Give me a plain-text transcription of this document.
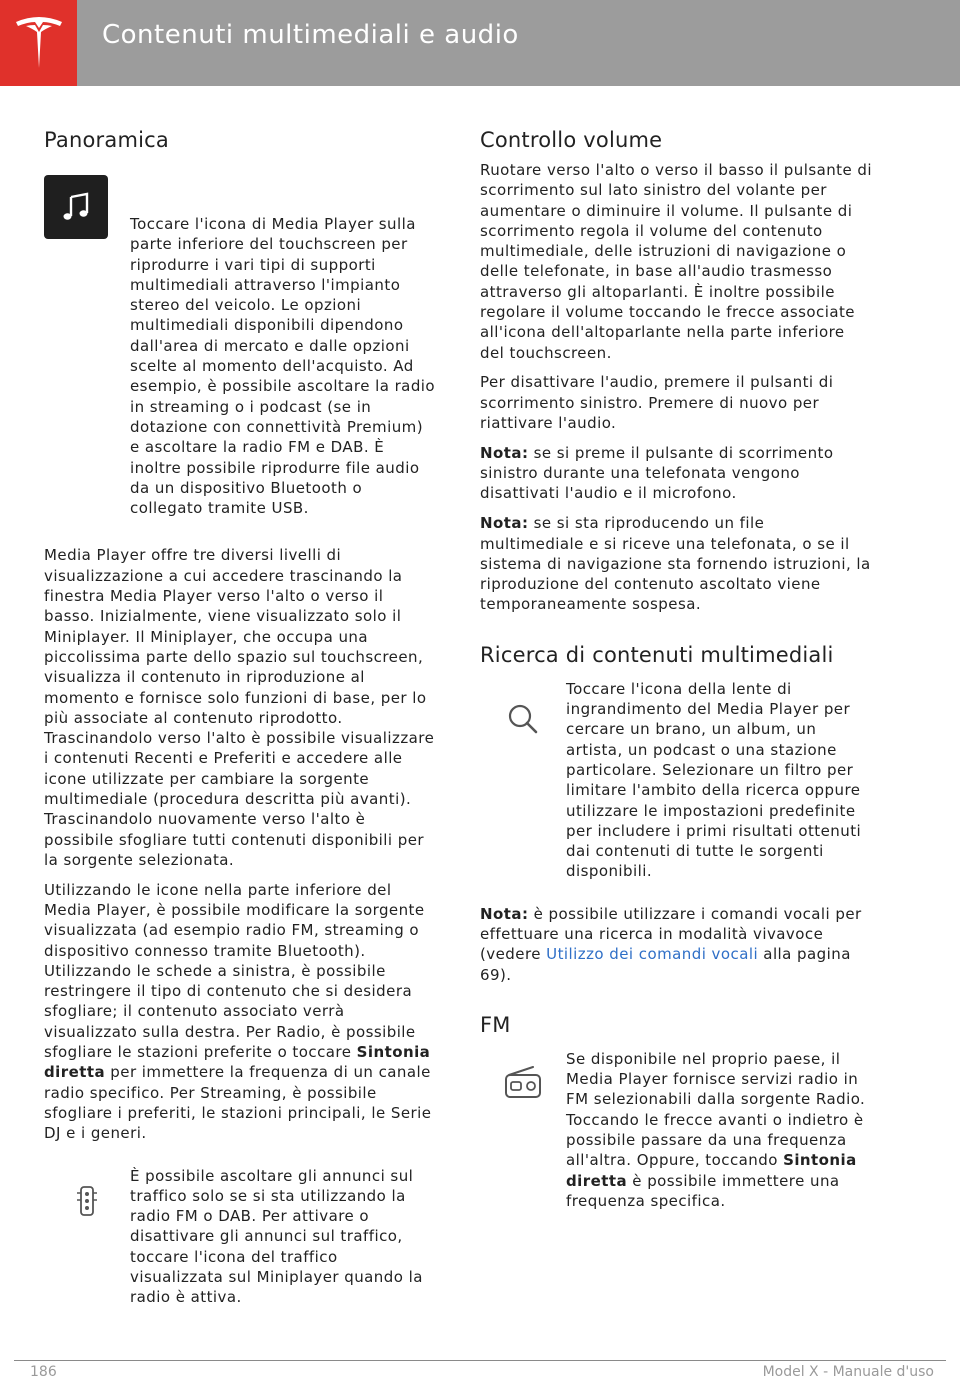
Contenuti multimediali e audio
Panoramica

Toccare l'icona di Media Player sulla parte inferiore del touchscreen per riprodurre i vari tipi di supporti multimediali attraverso l'impianto stereo del veicolo. Le opzioni multimediali disponibili dipendono dall'area di mercato e dalle opzioni scelte al momento dell'acquisto. Ad esempio, è possibile ascoltare la radio in streaming o i podcast (se in dotazione con connettività Premium) e ascoltare la radio FM e DAB. È inoltre possibile riprodurre file audio da un dispositivo Bluetooth o collegato tramite USB.

Media Player offre tre diversi livelli di visualizzazione a cui accedere trascinando la finestra Media Player verso l'alto o verso il basso. Inizialmente, viene visualizzato solo il Miniplayer. Il Miniplayer, che occupa una piccolissima parte dello spazio sul touchscreen, visualizza il contenuto in riproduzione al momento e fornisce solo funzioni di base, per lo più associate al contenuto riprodotto. Trascinandolo verso l'alto è possibile visualizzare i contenuti Recenti e Preferiti e accedere alle icone utilizzate per cambiare la sorgente multimediale (procedura descritta più avanti). Trascinandolo nuovamente verso l'alto è possibile sfogliare tutti contenuti disponibili per la sorgente selezionata.

Utilizzando le icone nella parte inferiore del Media Player, è possibile modificare la sorgente visualizzata (ad esempio radio FM, streaming o dispositivo connesso tramite Bluetooth). Utilizzando le schede a sinistra, è possibile restringere il tipo di contenuto che si desidera sfogliare; il contenuto associato verrà visualizzato sulla destra. Per Radio, è possibile sfogliare le stazioni preferite o toccare Sintonia diretta per immettere la frequenza di un canale radio specifico. Per Streaming, è possibile sfogliare i preferiti, le stazioni principali, le Serie DJ e i generi.

È possibile ascoltare gli annunci sul traffico solo se si sta utilizzando la radio FM o DAB. Per attivare o disattivare gli annunci sul traffico, toccare l'icona del traffico visualizzata sul Miniplayer quando la radio è attiva.

Controllo volume

Ruotare verso l'alto o verso il basso il pulsante di scorrimento sul lato sinistro del volante per aumentare o diminuire il volume. Il pulsante di scorrimento regola il volume del contenuto multimediale, delle istruzioni di navigazione o delle telefonate, in base all'audio trasmesso attraverso gli altoparlanti. È inoltre possibile regolare il volume toccando le frecce associate all'icona dell'altoparlante nella parte inferiore del touchscreen.

Per disattivare l'audio, premere il pulsanti di scorrimento sinistro. Premere di nuovo per riattivare l'audio.

Nota: se si preme il pulsante di scorrimento sinistro durante una telefonata vengono disattivati l'audio e il microfono.

Nota: se si sta riproducendo un file multimediale e si riceve una telefonata, o se il sistema di navigazione sta fornendo istruzioni, la riproduzione del contenuto ascoltato viene temporaneamente sospesa.

Ricerca di contenuti multimediali

Toccare l'icona della lente di ingrandimento del Media Player per cercare un brano, un album, un artista, un podcast o una stazione particolare. Selezionare un filtro per limitare l'ambito della ricerca oppure utilizzare le impostazioni predefinite per includere i primi risultati ottenuti dai contenuti di tutte le sorgenti disponibili.

Nota: è possibile utilizzare i comandi vocali per effettuare una ricerca in modalità vivavoce (vedere Utilizzo dei comandi vocali alla pagina 69).

FM

Se disponibile nel proprio paese, il Media Player fornisce servizi radio in FM selezionabili dalla sorgente Radio. Toccando le frecce avanti o indietro è possibile passare da una frequenza all'altra. Oppure, toccando Sintonia diretta è possibile immettere una frequenza specifica.

186	Model X - Manuale d'uso
